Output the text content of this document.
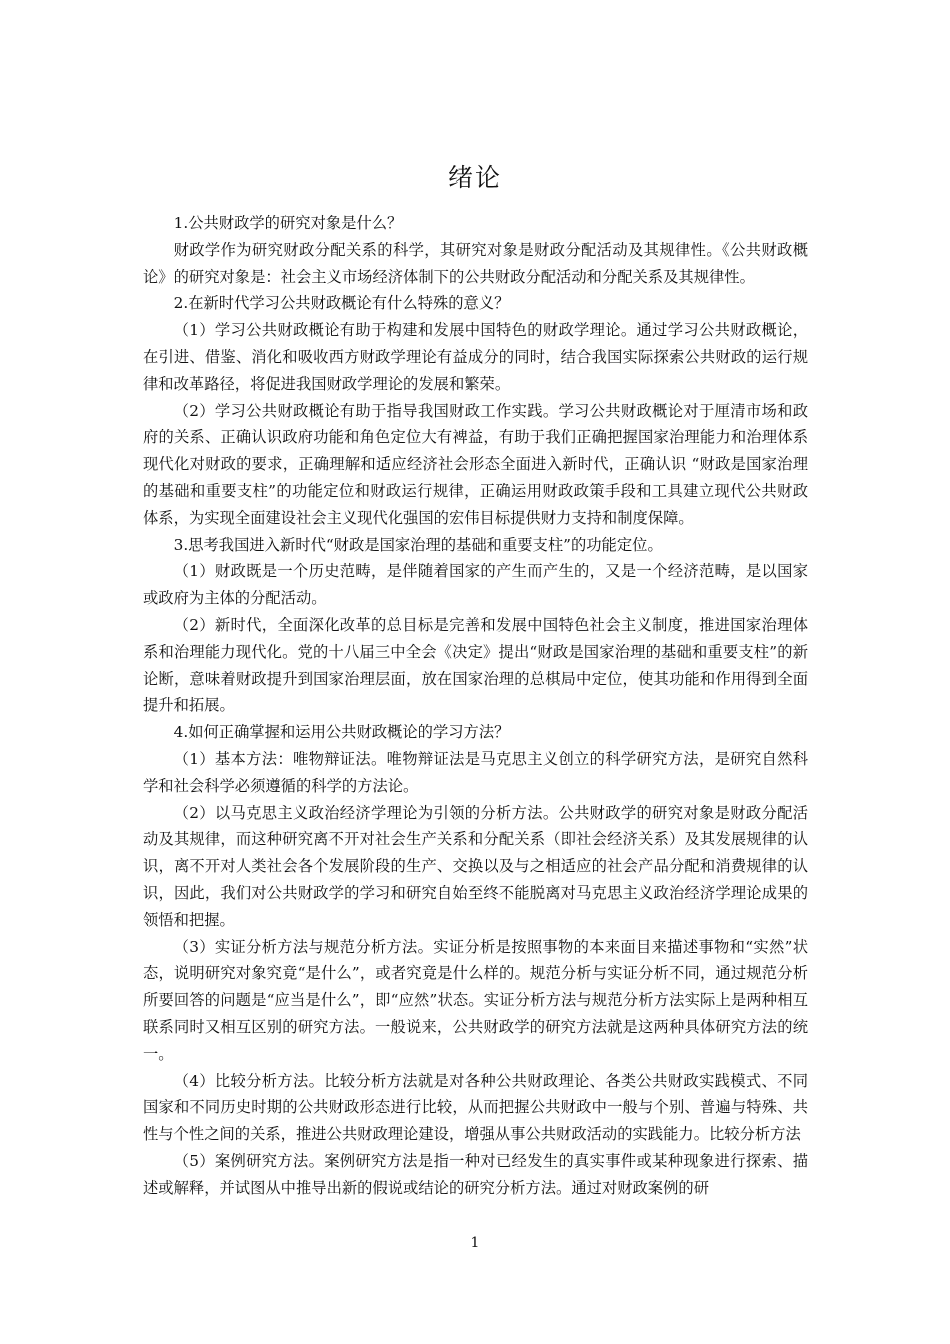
绪论

1.公共财政学的研究对象是什么？

财政学作为研究财政分配关系的科学，其研究对象是财政分配活动及其规律性。《公共财政概论》的研究对象是：社会主义市场经济体制下的公共财政分配活动和分配关系及其规律性。

2.在新时代学习公共财政概论有什么特殊的意义？

（1）学习公共财政概论有助于构建和发展中国特色的财政学理论。通过学习公共财政概论，在引进、借鉴、消化和吸收西方财政学理论有益成分的同时，结合我国实际探索公共财政的运行规律和改革路径，将促进我国财政学理论的发展和繁荣。

（2）学习公共财政概论有助于指导我国财政工作实践。学习公共财政概论对于厘清市场和政府的关系、正确认识政府功能和角色定位大有裨益，有助于我们正确把握国家治理能力和治理体系现代化对财政的要求，正确理解和适应经济社会形态全面进入新时代，正确认识 “财政是国家治理的基础和重要支柱”的功能定位和财政运行规律，正确运用财政政策手段和工具建立现代公共财政体系，为实现全面建设社会主义现代化强国的宏伟目标提供财力支持和制度保障。

3.思考我国进入新时代“财政是国家治理的基础和重要支柱”的功能定位。

（1）财政既是一个历史范畴，是伴随着国家的产生而产生的，又是一个经济范畴，是以国家或政府为主体的分配活动。

（2）新时代，全面深化改革的总目标是完善和发展中国特色社会主义制度，推进国家治理体系和治理能力现代化。党的十八届三中全会《决定》提出“财政是国家治理的基础和重要支柱”的新论断，意味着财政提升到国家治理层面，放在国家治理的总棋局中定位，使其功能和作用得到全面提升和拓展。

4.如何正确掌握和运用公共财政概论的学习方法？

（1）基本方法：唯物辩证法。唯物辩证法是马克思主义创立的科学研究方法，是研究自然科学和社会科学必须遵循的科学的方法论。

（2）以马克思主义政治经济学理论为引领的分析方法。公共财政学的研究对象是财政分配活动及其规律，而这种研究离不开对社会生产关系和分配关系（即社会经济关系）及其发展规律的认识，离不开对人类社会各个发展阶段的生产、交换以及与之相适应的社会产品分配和消费规律的认识，因此，我们对公共财政学的学习和研究自始至终不能脱离对马克思主义政治经济学理论成果的领悟和把握。

（3）实证分析方法与规范分析方法。实证分析是按照事物的本来面目来描述事物和“实然”状态，说明研究对象究竟“是什么”，或者究竟是什么样的。规范分析与实证分析不同，通过规范分析所要回答的问题是“应当是什么”，即“应然”状态。实证分析方法与规范分析方法实际上是两种相互联系同时又相互区别的研究方法。一般说来，公共财政学的研究方法就是这两种具体研究方法的统一。

（4）比较分析方法。比较分析方法就是对各种公共财政理论、各类公共财政实践模式、不同国家和不同历史时期的公共财政形态进行比较，从而把握公共财政中一般与个别、普遍与特殊、共性与个性之间的关系，推进公共财政理论建设，增强从事公共财政活动的实践能力。比较分析方法

（5）案例研究方法。案例研究方法是指一种对已经发生的真实事件或某种现象进行探索、描述或解释，并试图从中推导出新的假说或结论的研究分析方法。通过对财政案例的研

1
